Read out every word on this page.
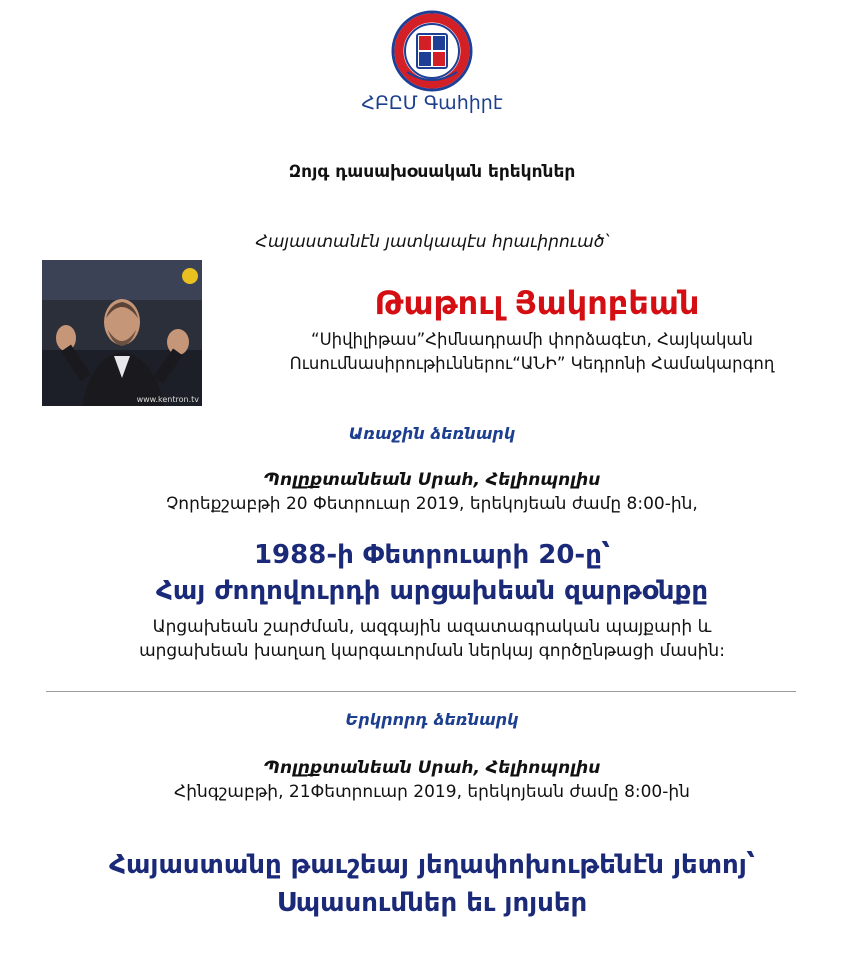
ՀԲԸՄ Գահիրէ
Զոյգ դասախօսական երեկոներ
Հայաստանէն յատկապէս հրաւիրուած՝
www.kentron.tv
Թաթուլ Յակոբեան
“Սիվիլիթաս”Հիմնադրամի փորձագէտ, Հայկական
Ուսումնասիրութիւններու“ԱՆԻ” Կեդրոնի Համակարգող
Առաջին ձեռնարկ
Պոլըքտանեան Սրահ, Հելիոպոլիս
Չորեքշաբթի 20 Փետրուար 2019, երեկոյեան ժամը 8:00-ին,
1988-ի Փետրուարի 20-ը՝
Հայ ժողովուրդի արցախեան զարթօնքը
Արցախեան շարժման, ազգային ազատագրական պայքարի և
արցախեան խաղաղ կարգաւորման ներկայ գործընթացի մասին:
Երկրորդ ձեռնարկ
Պոլըքտանեան Սրահ, Հելիոպոլիս
Հինգշաբթի, 21Փետրուար 2019, երեկոյեան ժամը 8:00-ին
Հայաստանը թաւշեայ յեղափոխութենէն յետոյ՝
Սպասումներ եւ յոյսեր
